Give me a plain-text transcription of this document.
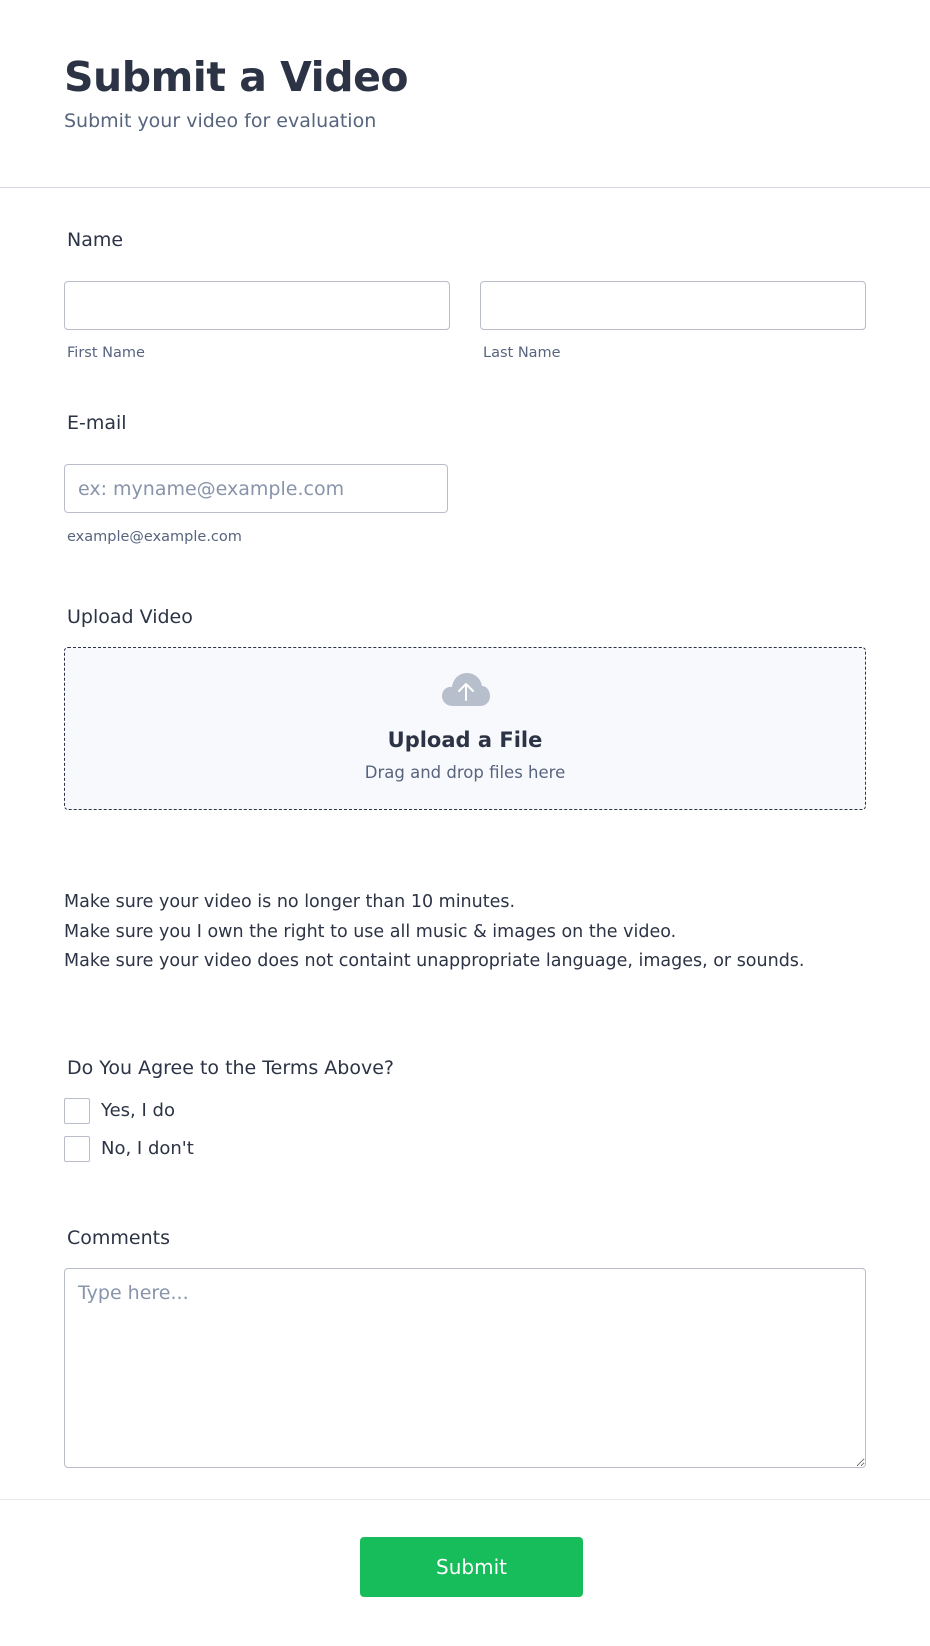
Submit a Video
Submit your video for evaluation
Name
First Name	Last Name
E-mail
ex: myname@example.com
example@example.com
Upload Video
Upload a File
Drag and drop files here
Make sure your video is no longer than 10 minutes.
Make sure you I own the right to use all music & images on the video.
Make sure your video does not containt unappropriate language, images, or sounds.
Do You Agree to the Terms Above?
Yes, I do
No, I don't
Comments
Type here...
Submit
